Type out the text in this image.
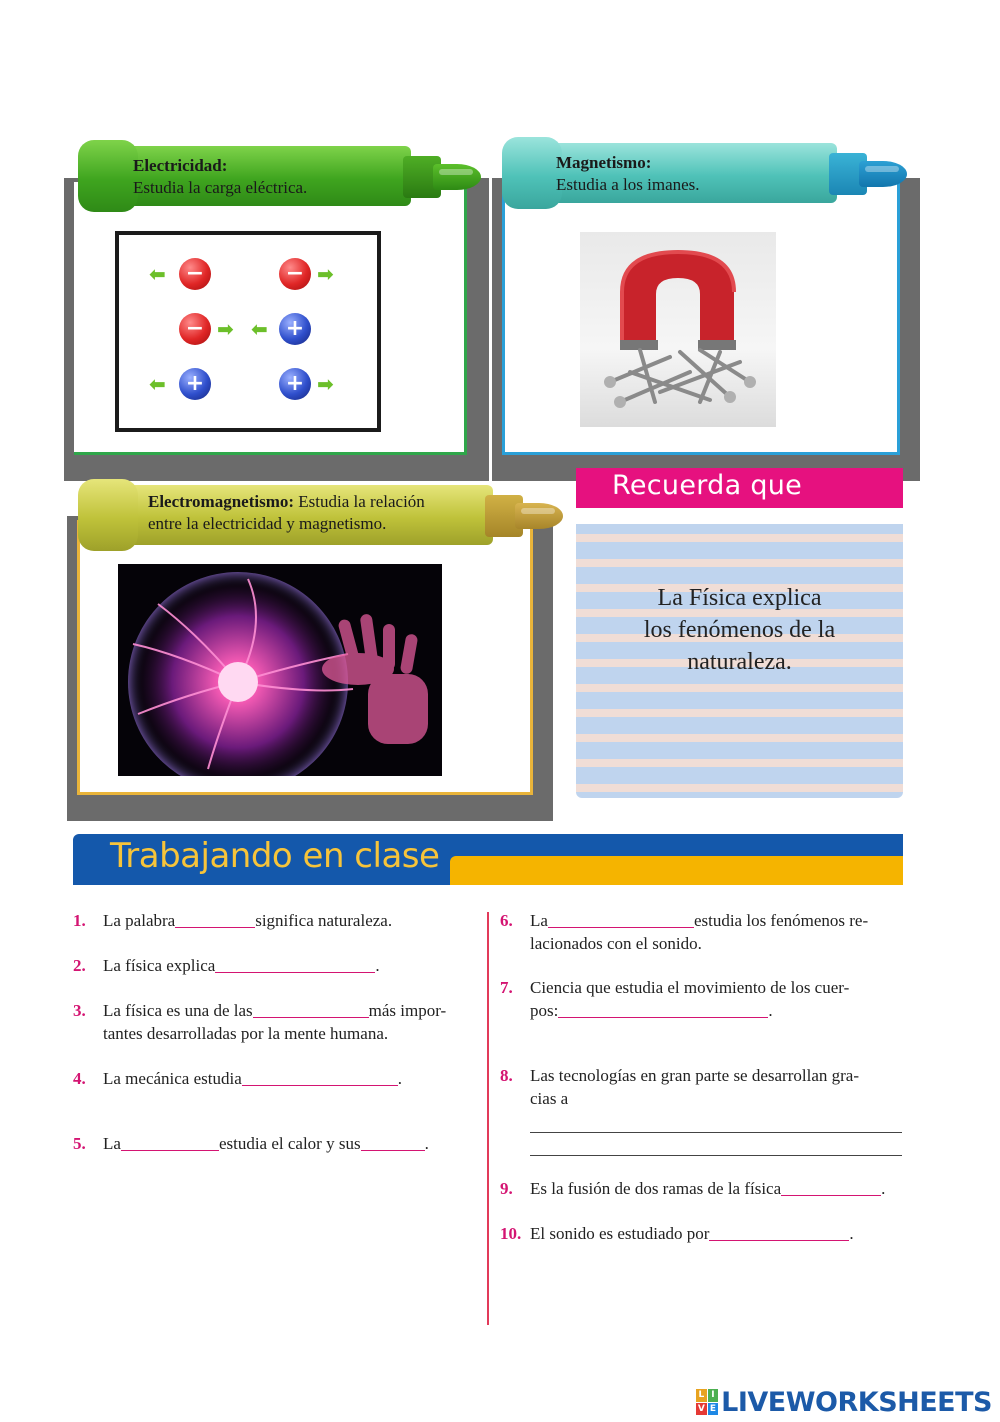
Electricidad:
Estudia la carga eléctrica.
Magnetismo:
Estudia a los imanes.
Electromagnetismo: Estudia la relación
entre la electricidad y magnetismo.
⬅ −	− ➡
− ➡ ⬅ +
⬅ +	+ ➡
Recuerda que
La Física explica
los fenómenos de la
naturaleza.
Trabajando en clase
1.	La palabra	significa naturaleza.
2.	La física explica	.
3.	La física es una de las	más impor-
tantes desarrolladas por la mente humana.
4.	La mecánica estudia	.
5.	La	estudia el calor y sus	.
6.	La	estudia los fenómenos re-
lacionados con el sonido.
7.	Ciencia que estudia el movimiento de los cuer-
pos:	.
8.	Las tecnologías en gran parte se desarrollan gra-
cias a
9.	Es la fusión de dos ramas de la física	.
10. El sonido es estudiado por	.
L I
V E LIVEWORKSHEETS
